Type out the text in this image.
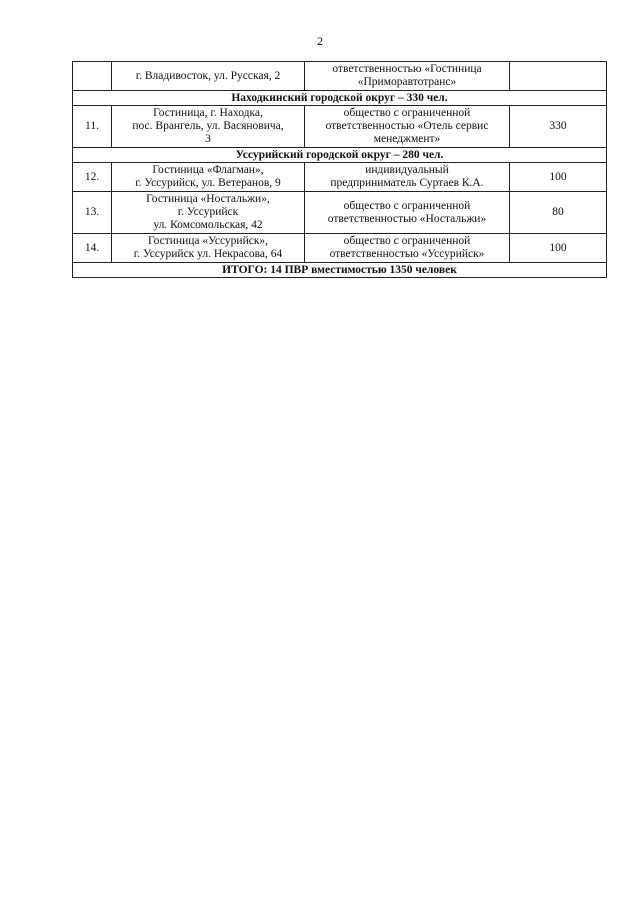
2

	г. Владивосток, ул. Русская, 2	ответственностью «Гостиница
«Приморавтотранс»	

Находкинский городской округ – 330 чел.			
11.	Гостиница, г. Находка,
пос. Врангель, ул. Васяновича,
3	общество с ограниченной
ответственностью «Отель сервис
менеджмент»	330
Уссурийский городской округ – 280 чел.			
12.	Гостиница «Флагман»,
г. Уссурийск, ул. Ветеранов, 9	индивидуальный
предприниматель Суртаев К.А.	100
13.	Гостиница «Ностальжи»,
г. Уссурийск
ул. Комсомольская, 42	общество с ограниченной
ответственностью «Ностальжи»	80
14.	Гостиница «Уссурийск»,
г. Уссурийск ул. Некрасова, 64	общество с ограниченной
ответственностью «Уссурийск»	100
ИТОГО: 14 ПВР вместимостью 1350 человек			
